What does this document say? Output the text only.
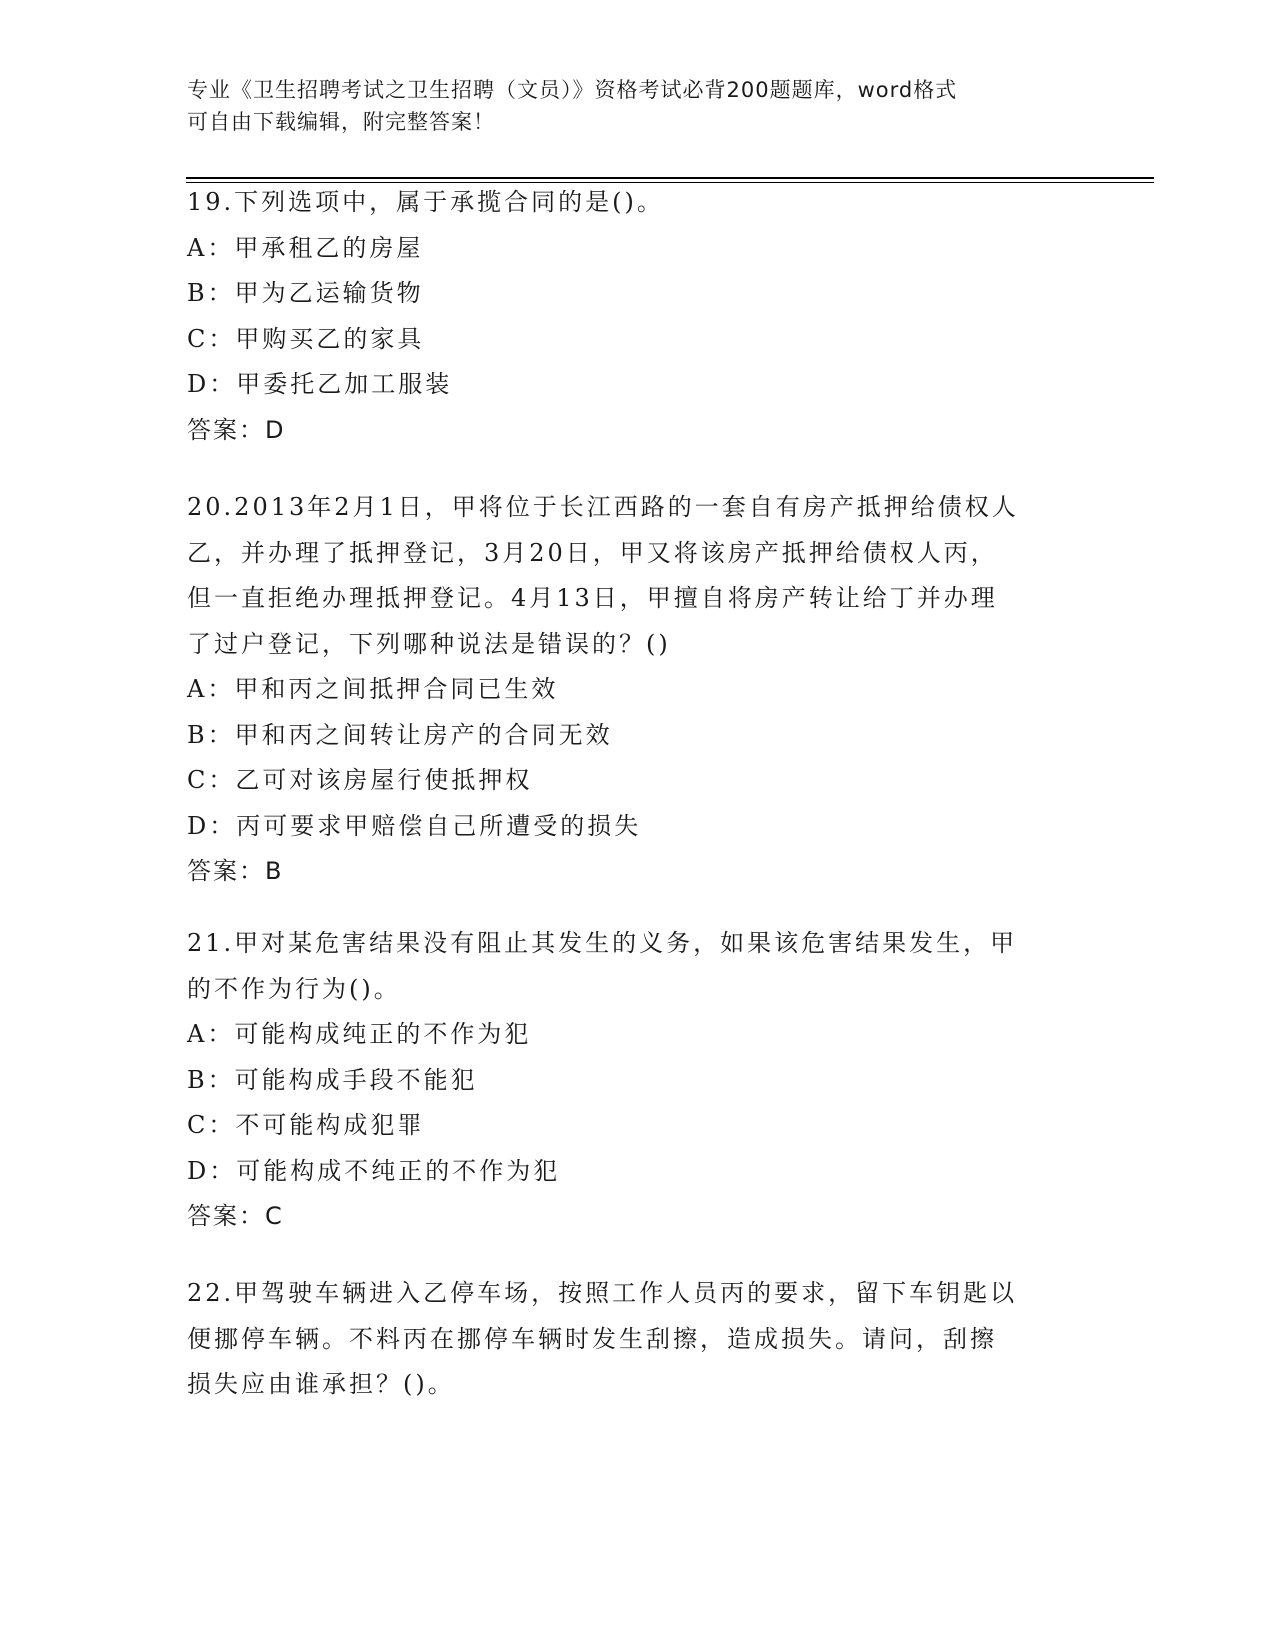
专业《卫生招聘考试之卫生招聘（文员）》资格考试必背200题题库，word格式
可自由下载编辑，附完整答案！
19.下列选项中，属于承揽合同的是()。
A：甲承租乙的房屋
B：甲为乙运输货物
C：甲购买乙的家具
D：甲委托乙加工服装
答案：D
20.2013年2月1日，甲将位于长江西路的一套自有房产抵押给债权人
乙，并办理了抵押登记，3月20日，甲又将该房产抵押给债权人丙，
但一直拒绝办理抵押登记。4月13日，甲擅自将房产转让给丁并办理
了过户登记，下列哪种说法是错误的？()
A：甲和丙之间抵押合同已生效
B：甲和丙之间转让房产的合同无效
C：乙可对该房屋行使抵押权
D：丙可要求甲赔偿自己所遭受的损失
答案：B
21.甲对某危害结果没有阻止其发生的义务，如果该危害结果发生，甲
的不作为行为()。
A：可能构成纯正的不作为犯
B：可能构成手段不能犯
C：不可能构成犯罪
D：可能构成不纯正的不作为犯
答案：C
22.甲驾驶车辆进入乙停车场，按照工作人员丙的要求，留下车钥匙以
便挪停车辆。不料丙在挪停车辆时发生刮擦，造成损失。请问，刮擦
损失应由谁承担？()。
